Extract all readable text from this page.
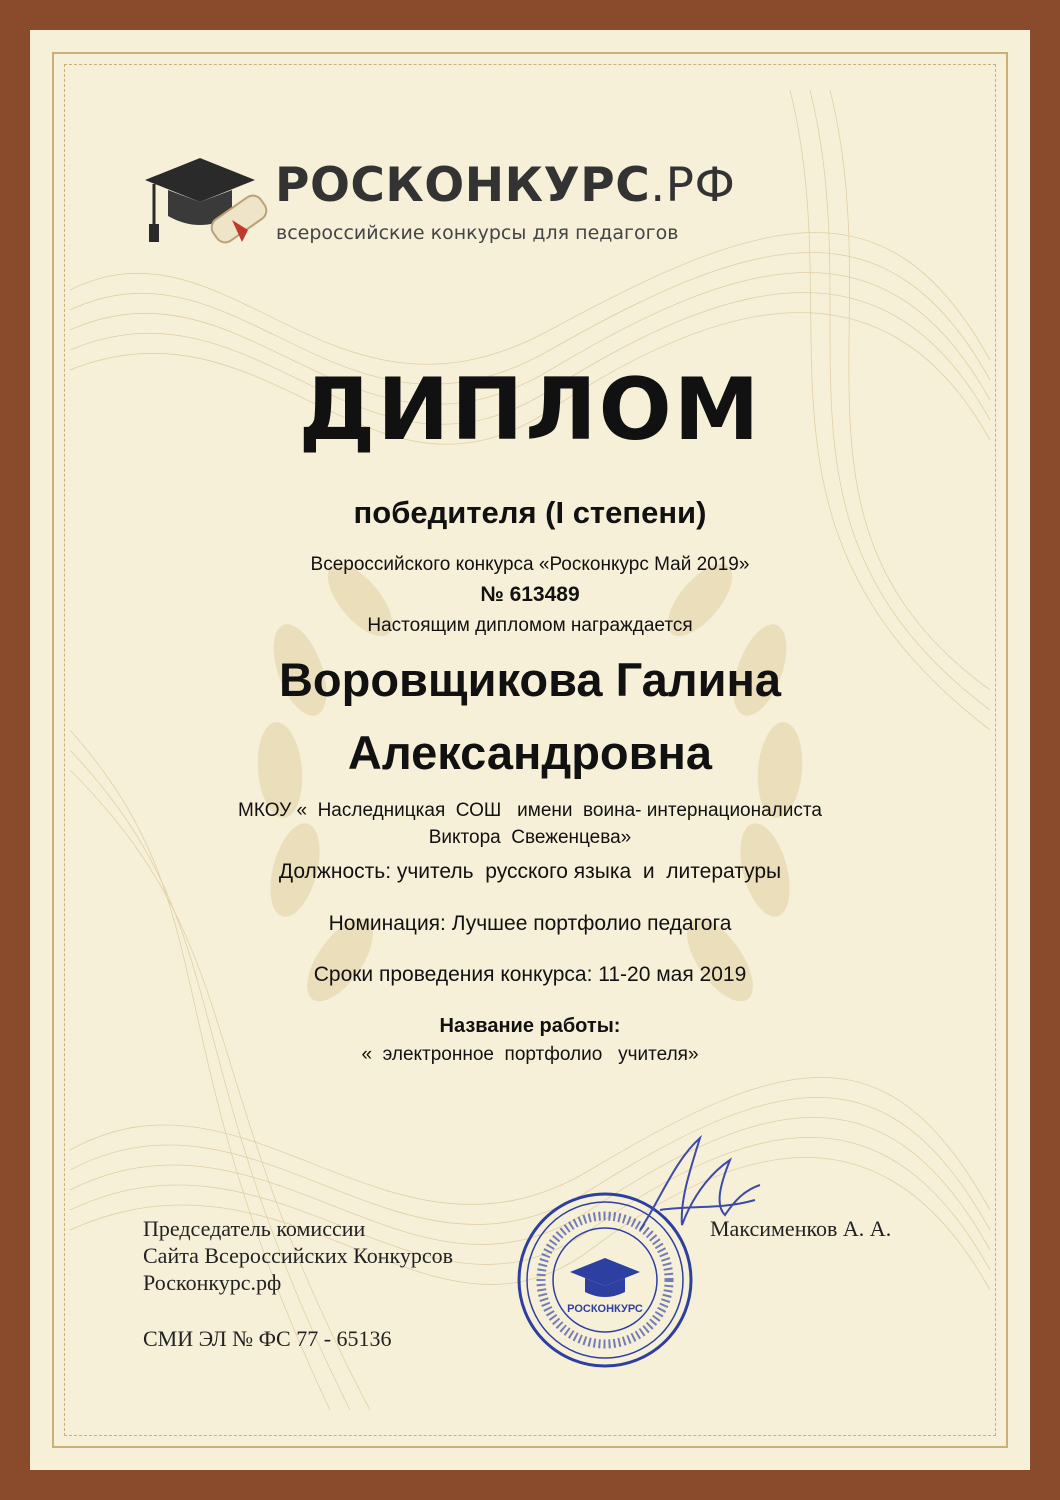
РОСКОНКУРС.РФ
всероссийские конкурсы для педагогов
ДИПЛОМ
победителя (I степени)
Всероссийского конкурса «Росконкурс Май 2019»
№ 613489
Настоящим дипломом награждается
Воровщикова Галина
Александровна
МКОУ «  Наследницкая  СОШ   имени  воина- интернационалиста
Виктора  Свеженцева»
Должность: учитель  русского языка  и  литературы
Номинация: Лучшее портфолио педагога
Сроки проведения конкурса: 11-20 мая 2019
Название работы:
«  электронное  портфолио   учителя»
Председатель комиссии
Сайта Всероссийских Конкурсов
Росконкурс.рф
СМИ ЭЛ № ФС 77 - 65136
Максименков А. А.
РОСКОНКУРС
